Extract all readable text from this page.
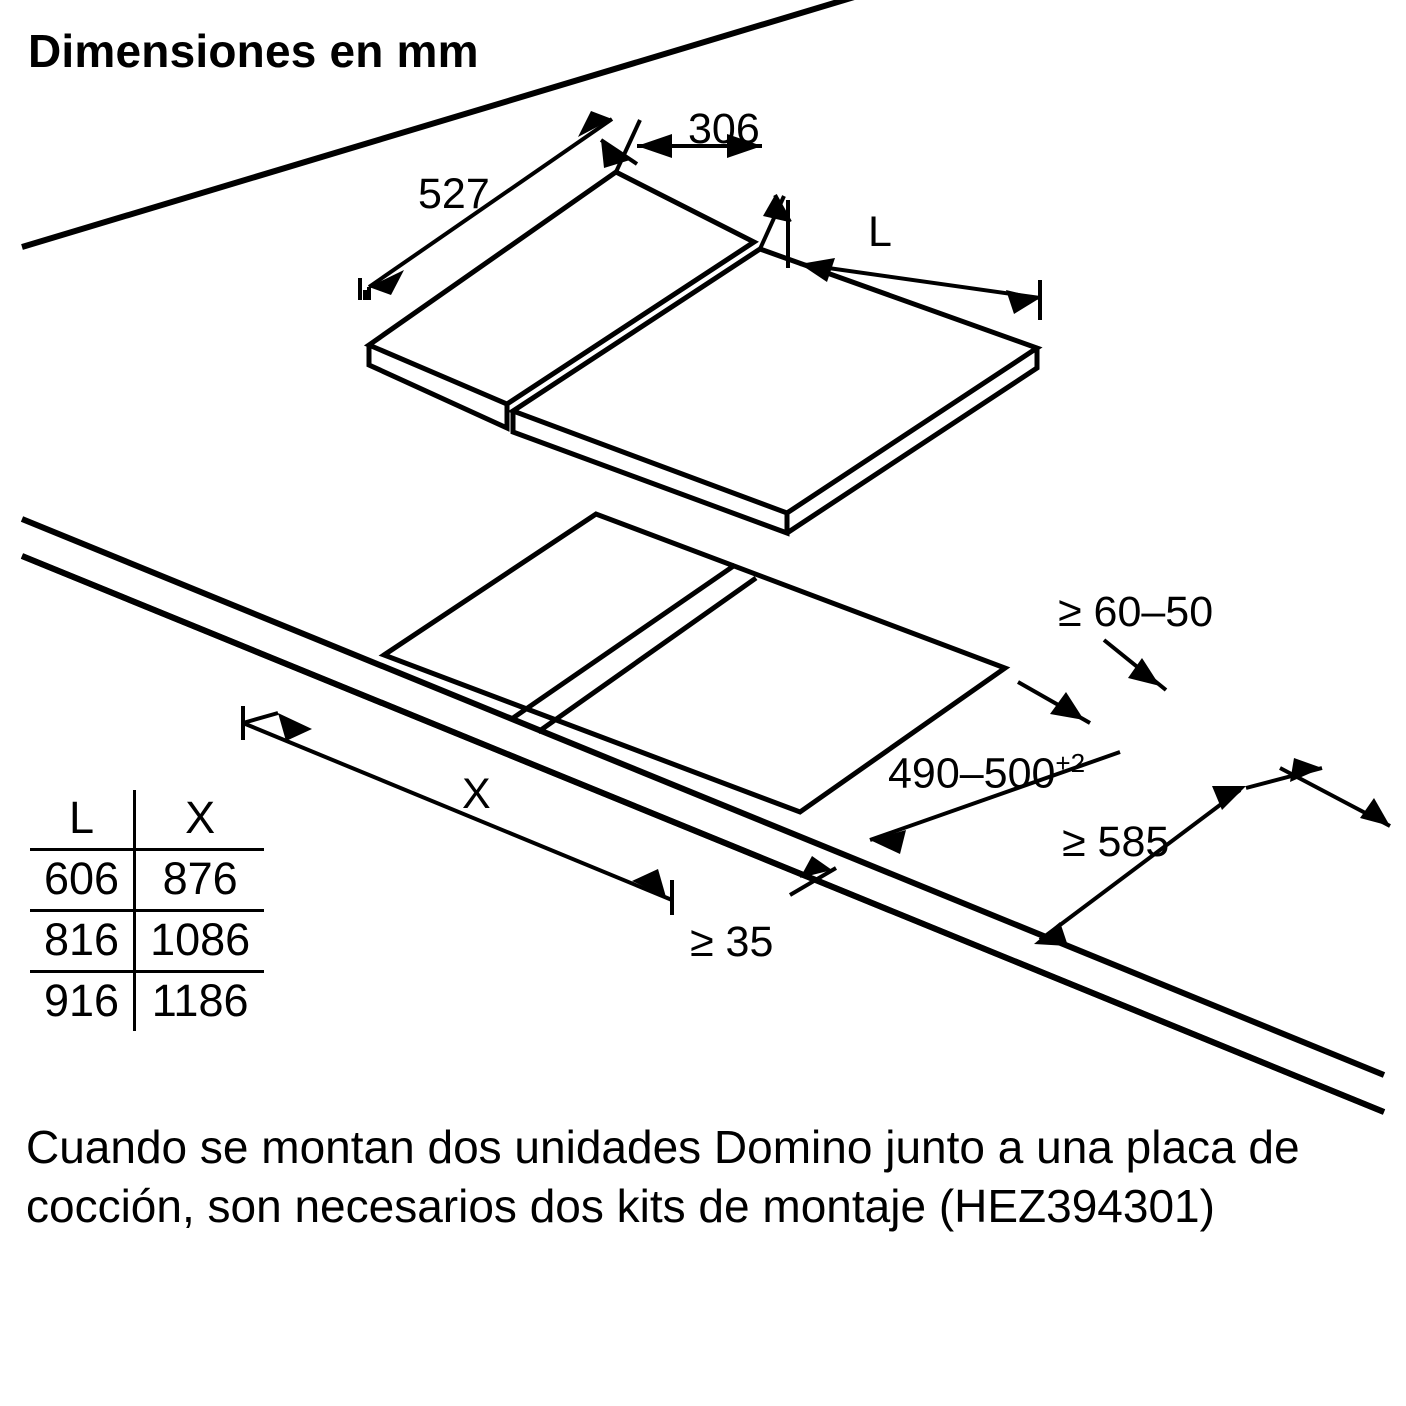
Dimensiones en mm
527
306
L
X
≥ 60–50
$490-500^{+2}$
≥ 585
≥ 35
L	X
606	876
816	1086
916	1186
Cuando se montan dos unidades Domino junto a una placa de cocción, son necesarios dos kits de montaje (HEZ394301)
